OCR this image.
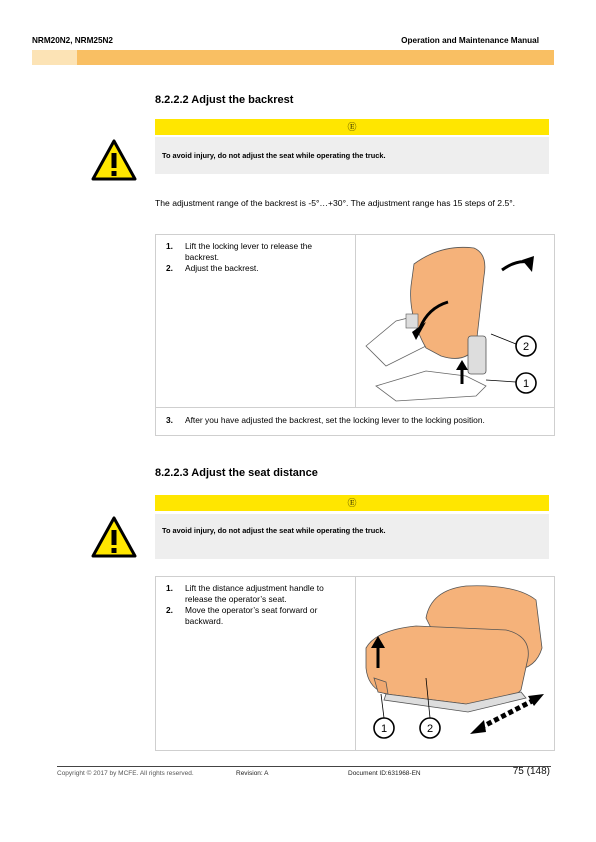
NRM20N2, NRM25N2	Operation and Maintenance Manual
8.2.2.2 Adjust the backrest
Ⓔ
To avoid injury, do not adjust the seat while operating the truck.
The adjustment range of the backrest is -5°…+30°. The adjustment range has 15 steps of 2.5°.
1. Lift the locking lever to release the backrest.
2. Adjust the backrest.
3. After you have adjusted the backrest, set the locking lever to the locking position.
2
1
8.2.2.3 Adjust the seat distance
Ⓔ
To avoid injury, do not adjust the seat while operating the truck.
1. Lift the distance adjustment handle to release the operator’s seat.
2. Move the operator’s seat forward or backward.
1	2
Copyright © 2017 by MCFE. All rights reserved.	Revision: A	Document ID:631968-EN	75 (148)
